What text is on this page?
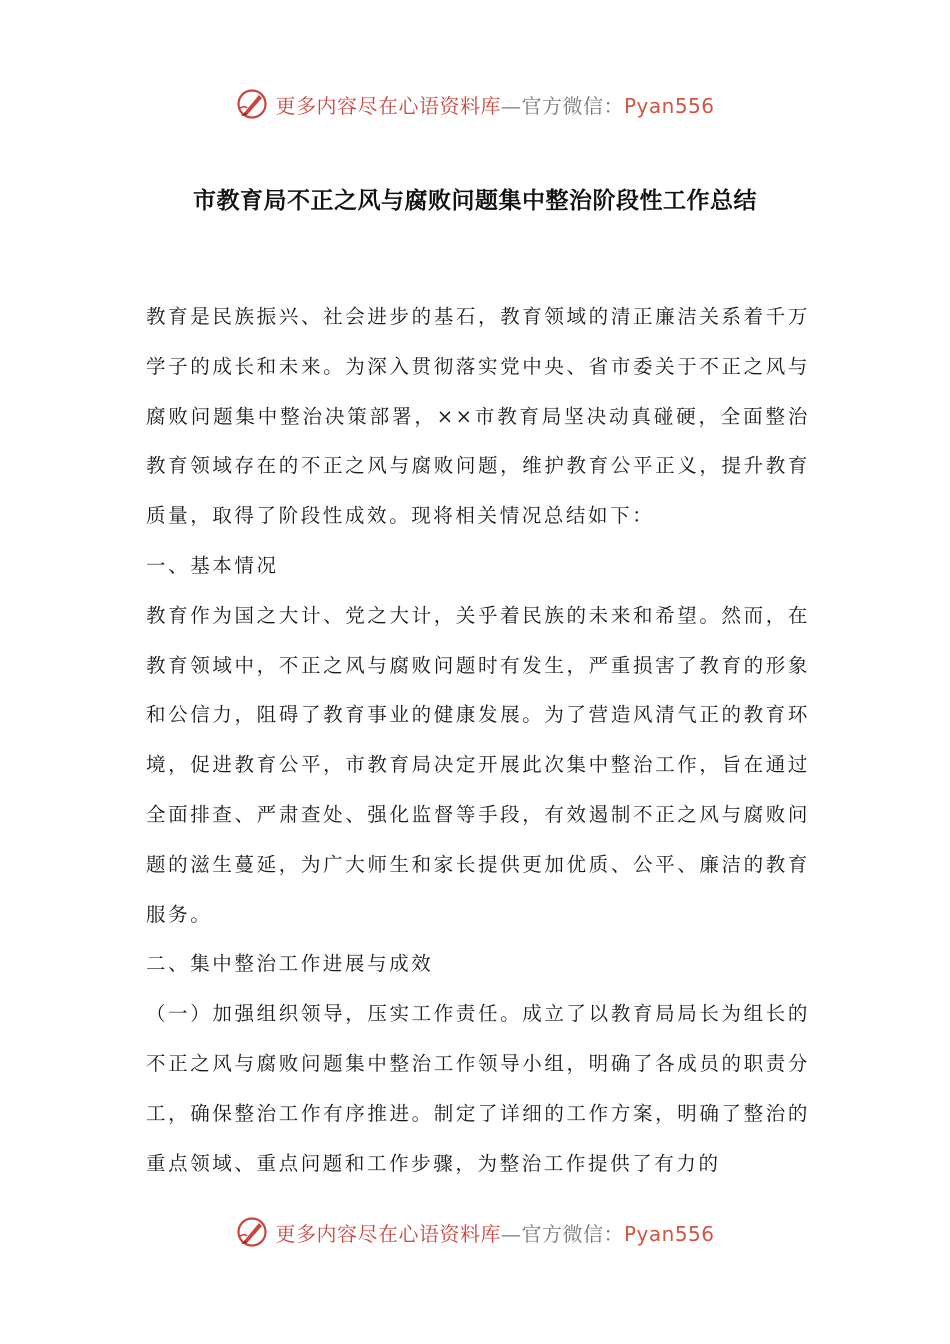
更多内容尽在心语资料库—官方微信：Pyan556
市教育局不正之风与腐败问题集中整治阶段性工作总结

教育是民族振兴、社会进步的基石，教育领域的清正廉洁关系着千万学子的成长和未来。为深入贯彻落实党中央、省市委关于不正之风与腐败问题集中整治决策部署，××市教育局坚决动真碰硬，全面整治教育领域存在的不正之风与腐败问题，维护教育公平正义，提升教育质量，取得了阶段性成效。现将相关情况总结如下：

一、基本情况

教育作为国之大计、党之大计，关乎着民族的未来和希望。然而，在教育领域中，不正之风与腐败问题时有发生，严重损害了教育的形象和公信力，阻碍了教育事业的健康发展。为了营造风清气正的教育环境，促进教育公平，市教育局决定开展此次集中整治工作，旨在通过全面排查、严肃查处、强化监督等手段，有效遏制不正之风与腐败问题的滋生蔓延，为广大师生和家长提供更加优质、公平、廉洁的教育服务。

二、集中整治工作进展与成效

（一）加强组织领导，压实工作责任。成立了以教育局局长为组长的不正之风与腐败问题集中整治工作领导小组，明确了各成员的职责分工，确保整治工作有序推进。制定了详细的工作方案，明确了整治的重点领域、重点问题和工作步骤，为整治工作提供了有力的

更多内容尽在心语资料库—官方微信：Pyan556
